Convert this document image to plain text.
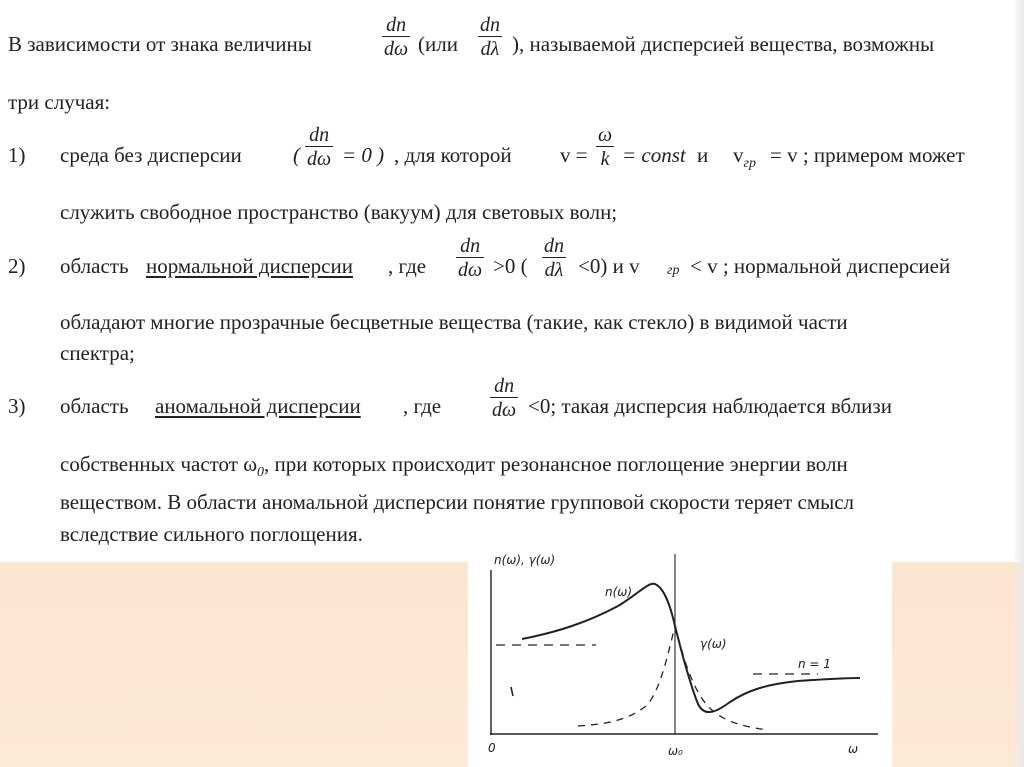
В зависимости от знака величины	$\frac{dn}{d\omega} (или \frac{dn}{d\lambda}$ ), называемой дисперсией вещества, возможны
три случая:
1) среда без дисперсии ( $\frac{dn}{d\omega} = 0$ ) , для которой $v = \frac{\omega}{k}$ = const и $v_{гр} = v$ ; примером может
служить свободное пространство (вакуум) для световых волн;
2) область нормальной дисперсии , где $\frac{dn}{d\omega} >0$ ( $\frac{dn}{d\lambda} <0$) и v гр < v ; нормальной дисперсией
обладают многие прозрачные бесцветные вещества (такие, как стекло) в видимой части
спектра;
3) область аномальной дисперсии , где $\frac{dn}{d\omega} <0$; такая дисперсия наблюдается вблизи
собственных частот $\omega_0$, при которых происходит резонансное поглощение энергии волн
веществом. В области аномальной дисперсии понятие групповой скорости теряет смысл
вследствие сильного поглощения.
n(ω), γ(ω)
n(ω)
γ(ω)
n = 1
0	ω₀	ω
